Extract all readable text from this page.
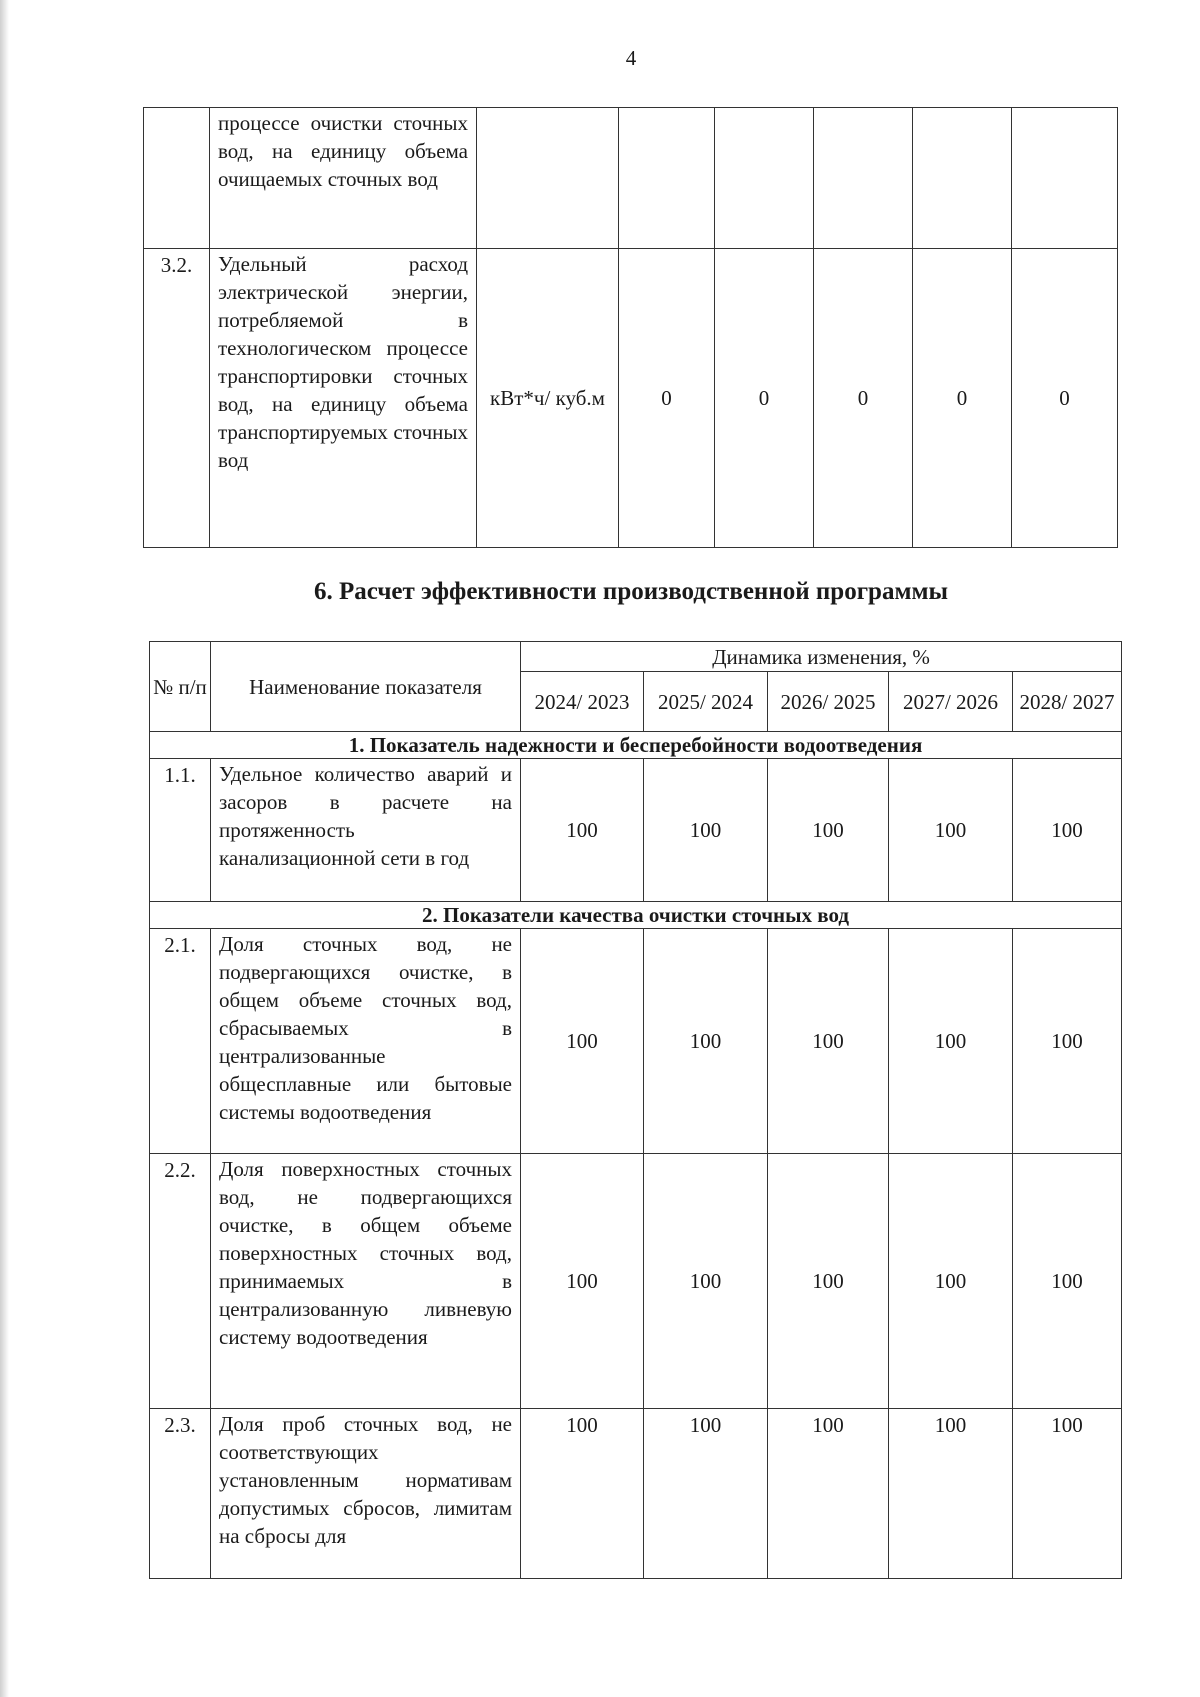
4
	процессе очистки сточных вод, на единицу объема очищаемых сточных вод						
3.2.	Удельный расход электрической энергии, потребляемой в технологическом процессе транспортировки сточных вод, на единицу объема транспортируемых сточных вод	кВт*ч/ куб.м	0	0	0	0	0
6. Расчет эффективности производственной программы
№ п/п	Наименование показателя	Динамика изменения, %				
		2024/ 2023	2025/ 2024	2026/ 2025	2027/ 2026	2028/ 2027
1. Показатель надежности и бесперебойности водоотведения						
1.1.	Удельное количество аварий и засоров в расчете на протяженность канализационной сети в год	100	100	100	100	100
2. Показатели качества очистки сточных вод						
2.1.	Доля сточных вод, не подвергающихся очистке, в общем объеме сточных вод, сбрасываемых в централизованные общесплавные или бытовые системы водоотведения	100	100	100	100	100
2.2.	Доля поверхностных сточных вод, не подвергающихся очистке, в общем объеме поверхностных сточных вод, принимаемых в централизованную ливневую систему водоотведения	100	100	100	100	100
2.3.	Доля проб сточных вод, не соответствующих установленным нормативам допустимых сбросов, лимитам на сбросы для	100	100	100	100	100
